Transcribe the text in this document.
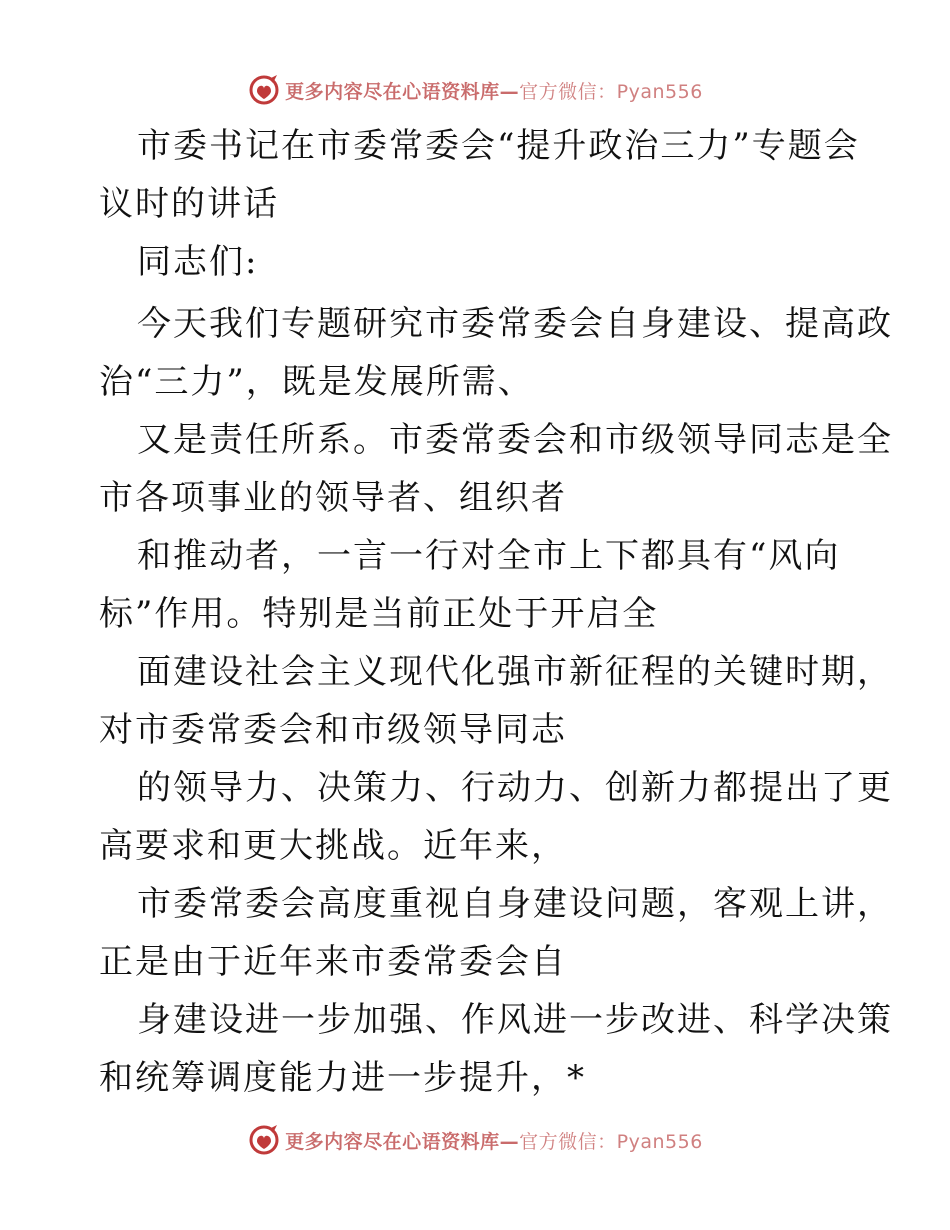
更多内容尽在心语资料库—官方微信：Pyan556
市委书记在市委常委会“提升政治三力”专题会
议时的讲话
同志们:
今天我们专题研究市委常委会自身建设、提高政
治“三力”，既是发展所需、
又是责任所系。市委常委会和市级领导同志是全
市各项事业的领导者、组织者
和推动者，一言一行对全市上下都具有“风向
标”作用。特别是当前正处于开启全
面建设社会主义现代化强市新征程的关键时期，
对市委常委会和市级领导同志
的领导力、决策力、行动力、创新力都提出了更
高要求和更大挑战。近年来，
市委常委会高度重视自身建设问题，客观上讲，
正是由于近年来市委常委会自
身建设进一步加强、作风进一步改进、科学决策
和统筹调度能力进一步提升，*
更多内容尽在心语资料库—官方微信：Pyan556
